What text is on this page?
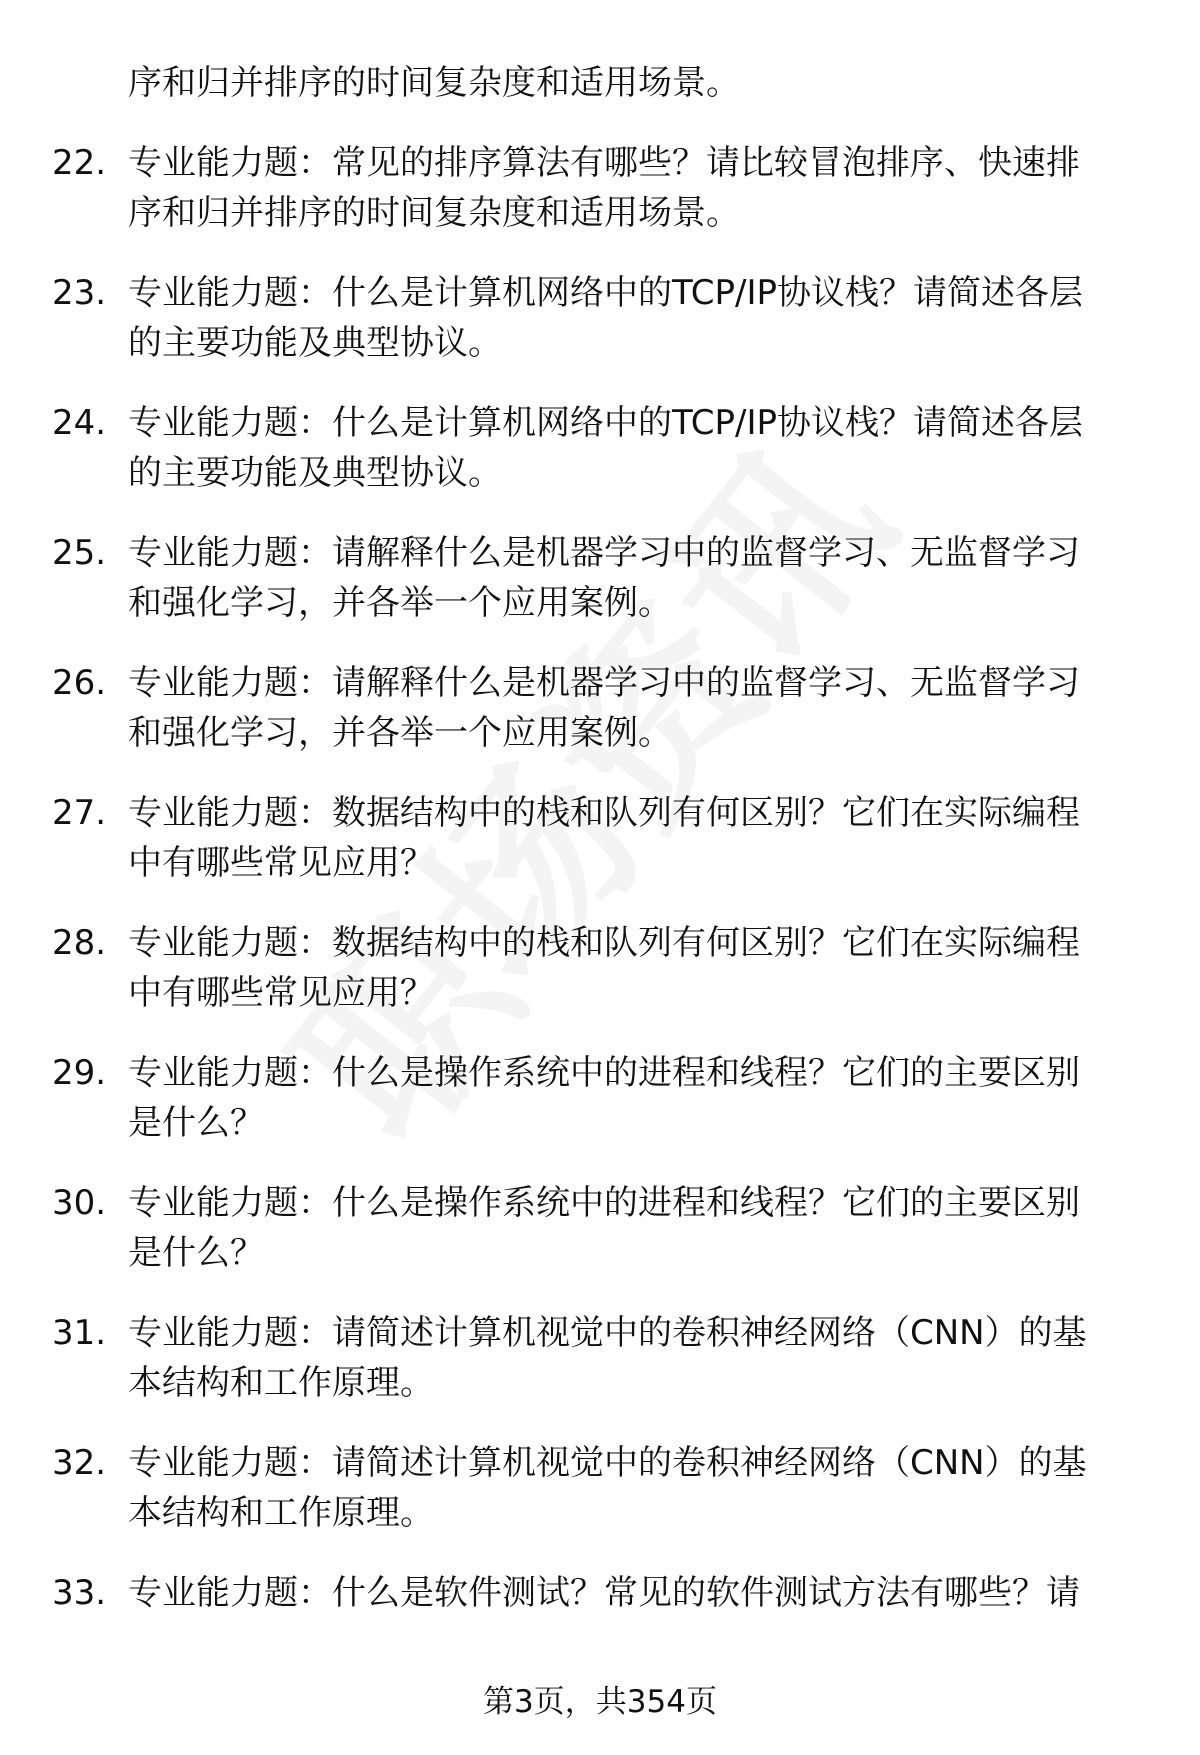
序和归并排序的时间复杂度和适用场景。
22. 专业能力题：常见的排序算法有哪些？请比较冒泡排序、快速排
序和归并排序的时间复杂度和适用场景。
23. 专业能力题：什么是计算机网络中的TCP/IP协议栈？请简述各层
的主要功能及典型协议。
24. 专业能力题：什么是计算机网络中的TCP/IP协议栈？请简述各层
的主要功能及典型协议。
25. 专业能力题：请解释什么是机器学习中的监督学习、无监督学习
和强化学习，并各举一个应用案例。
26. 专业能力题：请解释什么是机器学习中的监督学习、无监督学习
和强化学习，并各举一个应用案例。
27. 专业能力题：数据结构中的栈和队列有何区别？它们在实际编程
中有哪些常见应用？
28. 专业能力题：数据结构中的栈和队列有何区别？它们在实际编程
中有哪些常见应用？
29. 专业能力题：什么是操作系统中的进程和线程？它们的主要区别
是什么？
30. 专业能力题：什么是操作系统中的进程和线程？它们的主要区别
是什么？
31. 专业能力题：请简述计算机视觉中的卷积神经网络（CNN）的基
本结构和工作原理。
32. 专业能力题：请简述计算机视觉中的卷积神经网络（CNN）的基
本结构和工作原理。
33. 专业能力题：什么是软件测试？常见的软件测试方法有哪些？请
第3页，共354页
